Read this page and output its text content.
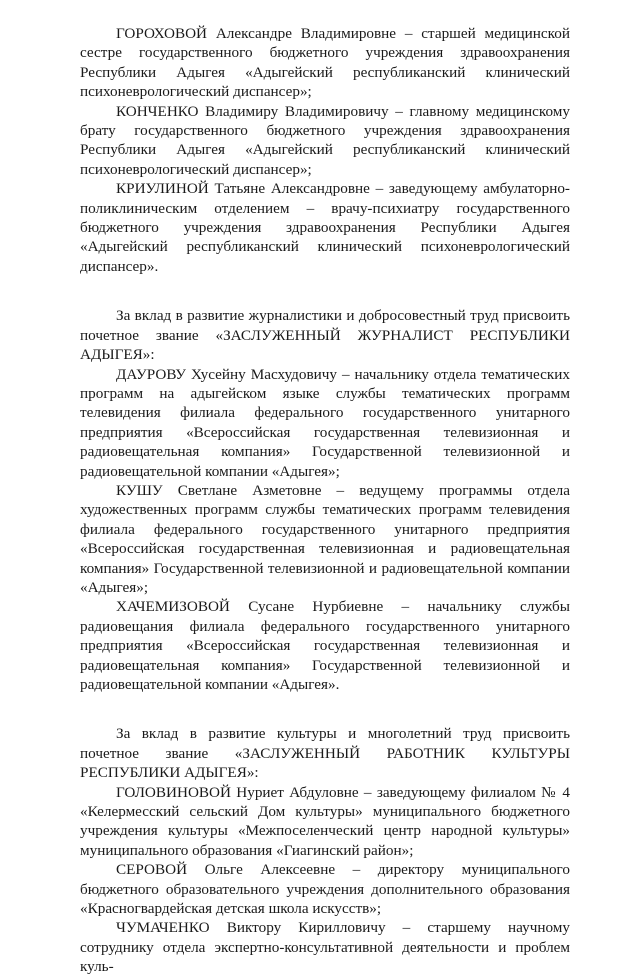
ГОРОХОВОЙ Александре Владимировне – старшей медицинской сестре государственного бюджетного учреждения здравоохранения Республики Адыгея «Адыгейский республиканский клинический психоневрологический диспансер»;

КОНЧЕНКО Владимиру Владимировичу – главному медицинскому брату государственного бюджетного учреждения здравоохранения Республики Адыгея «Адыгейский республиканский клинический психоневрологический диспансер»;

КРИУЛИНОЙ Татьяне Александровне – заведующему амбулаторно-поликлиническим отделением – врачу-психиатру государственного бюджетного учреждения здравоохранения Республики Адыгея «Адыгейский республиканский клинический психоневрологический диспансер».

За вклад в развитие журналистики и добросовестный труд присвоить почетное звание «ЗАСЛУЖЕННЫЙ ЖУРНАЛИСТ РЕСПУБЛИКИ АДЫГЕЯ»:

ДАУРОВУ Хусейну Масхудовичу – начальнику отдела тематических программ на адыгейском языке службы тематических программ телевидения филиала федерального государственного унитарного предприятия «Всероссийская государственная телевизионная и радиовещательная компания» Государственной телевизионной и радиовещательной компании «Адыгея»;

КУШУ Светлане Азметовне – ведущему программы отдела художественных программ службы тематических программ телевидения филиала федерального государственного унитарного предприятия «Всероссийская государственная телевизионная и радиовещательная компания» Государственной телевизионной и радиовещательной компании «Адыгея»;

ХАЧЕМИЗОВОЙ Сусане Нурбиевне – начальнику службы радиовещания филиала федерального государственного унитарного предприятия «Всероссийская государственная телевизионная и радиовещательная компания» Государственной телевизионной и радиовещательной компании «Адыгея».

За вклад в развитие культуры и многолетний труд присвоить почетное звание «ЗАСЛУЖЕННЫЙ РАБОТНИК КУЛЬТУРЫ РЕСПУБЛИКИ АДЫГЕЯ»:

ГОЛОВИНОВОЙ Нуриет Абдуловне – заведующему филиалом № 4 «Келермесский сельский Дом культуры» муниципального бюджетного учреждения культуры «Межпоселенческий центр народной культуры» муниципального образования «Гиагинский район»;

СЕРОВОЙ Ольге Алексеевне – директору муниципального бюджетного образовательного учреждения дополнительного образования «Красногвардейская детская школа искусств»;

ЧУМАЧЕНКО Виктору Кирилловичу – старшему научному сотруднику отдела экспертно-консультативной деятельности и проблем куль-
